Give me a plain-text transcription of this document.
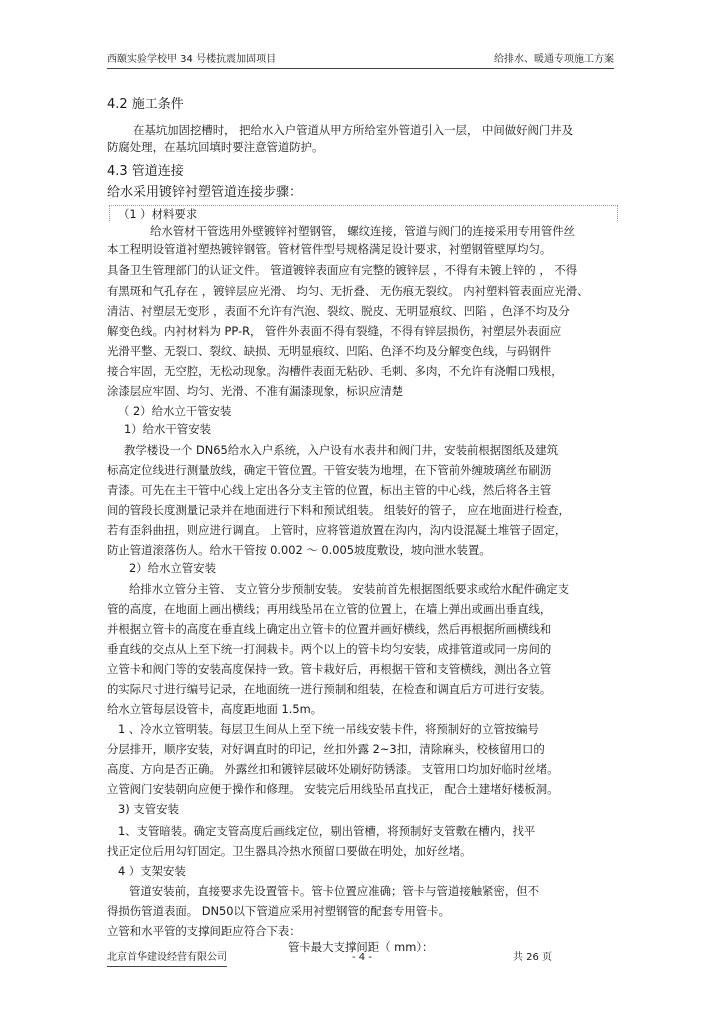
西颐实验学校甲 34 号楼抗震加固项目	给排水、暖通专项施工方案
4.2 施工条件
在基坑加固挖槽时， 把给水入户管道从甲方所给室外管道引入一层， 中间做好阀门井及
防腐处理，在基坑回填时要注意管道防护。
4.3 管道连接
给水采用镀锌衬塑管道连接步骤：
（1 ）材料要求
给水管材干管选用外壁镀锌衬塑钢管， 螺纹连接，管道与阀门的连接采用专用管件丝
本工程明设管道衬塑热镀锌钢管。管材管件型号规格满足设计要求，衬塑钢管壁厚均匀。
具备卫生管理部门的认证文件。 管道镀锌表面应有完整的镀锌层 ，不得有未镀上锌的 ， 不得
有黑斑和气孔存在 ，镀锌层应光滑、 均匀、无折叠、 无伤痕无裂纹。 内衬塑料管表面应光滑、
清洁、衬塑层无变形 ，表面不允许有汽泡、裂纹、脱皮、无明显痕纹、凹陷 ，色泽不均及分
解变色线。内衬材料为 PP-R， 管件外表面不得有裂缝，不得有锌层损伤，衬塑层外表面应
光滑平整、无裂口、裂纹、缺损、无明显痕纹、凹陷、色泽不均及分解变色线，与码钢件
接合牢固，无空腔，无松动现象。沟槽件表面无粘砂、毛刺、多肉，不允许有浇帽口残根，
涂漆层应牢固、均匀、光滑、不准有漏漆现象，标识应清楚
（ 2）给水立干管安装
1）给水干管安装
教学楼设一个 DN65给水入户系统，入户设有水表井和阀门井，安装前根据图纸及建筑
标高定位线进行测量放线，确定干管位置。干管安装为地埋，在下管前外缠玻璃丝布刷沥
青漆。可先在主干管中心线上定出各分支主管的位置，标出主管的中心线，然后将各主管
间的管段长度测量记录并在地面进行下料和预试组装。 组装好的管子， 应在地面进行检查，
若有歪斜曲扭，则应进行调直。 上管时，应将管道放置在沟内，沟内设混凝土堆管子固定，
防止管道滚落伤人。给水干管按 0.002 ～ 0.005坡度敷设，坡向泄水装置。
2）给水立管安装
给排水立管分主管、 支立管分步预制安装。 安装前首先根据图纸要求或给水配件确定支
管的高度，在地面上画出横线；再用线坠吊在立管的位置上，在墙上弹出或画出垂直线，
并根据立管卡的高度在垂直线上确定出立管卡的位置并画好横线，然后再根据所画横线和
垂直线的交点从上至下统一打洞栽卡。两个以上的管卡均匀安装，成排管道或同一房间的
立管卡和阀门等的安装高度保持一致。管卡栽好后，再根据干管和支管横线，测出各立管
的实际尺寸进行编号记录，在地面统一进行预制和组装，在检查和调直后方可进行安装。
给水立管每层设管卡，高度距地面 1.5m。
1 、冷水立管明装。每层卫生间从上至下统一吊线安装卡件，将预制好的立管按编号
分层排开，顺序安装，对好调直时的印记，丝扣外露 2~3扣，清除麻头，校核留用口的
高度、方向是否正确。 外露丝扣和镀锌层破坏处刷好防锈漆。 支管用口均加好临时丝堵。
立管阀门安装朝向应便于操作和修理。 安装完后用线坠吊直找正， 配合土建堵好楼板洞。
3) 支管安装
1、支管暗装。确定支管高度后画线定位，剔出管槽，将预制好支管敷在槽内，找平
找正定位后用勾钉固定。卫生器具冷热水预留口要做在明处，加好丝堵。
4 ）支架安装
管道安装前，直接要求先设置管卡。管卡位置应准确；管卡与管道接触紧密，但不
得损伤管道表面。 DN50以下管道应采用衬塑钢管的配套专用管卡。
立管和水平管的支撑间距应符合下表：
管卡最大支撑间距（ mm）：
北京首华建设经营有限公司	- 4 -	共 26 页
